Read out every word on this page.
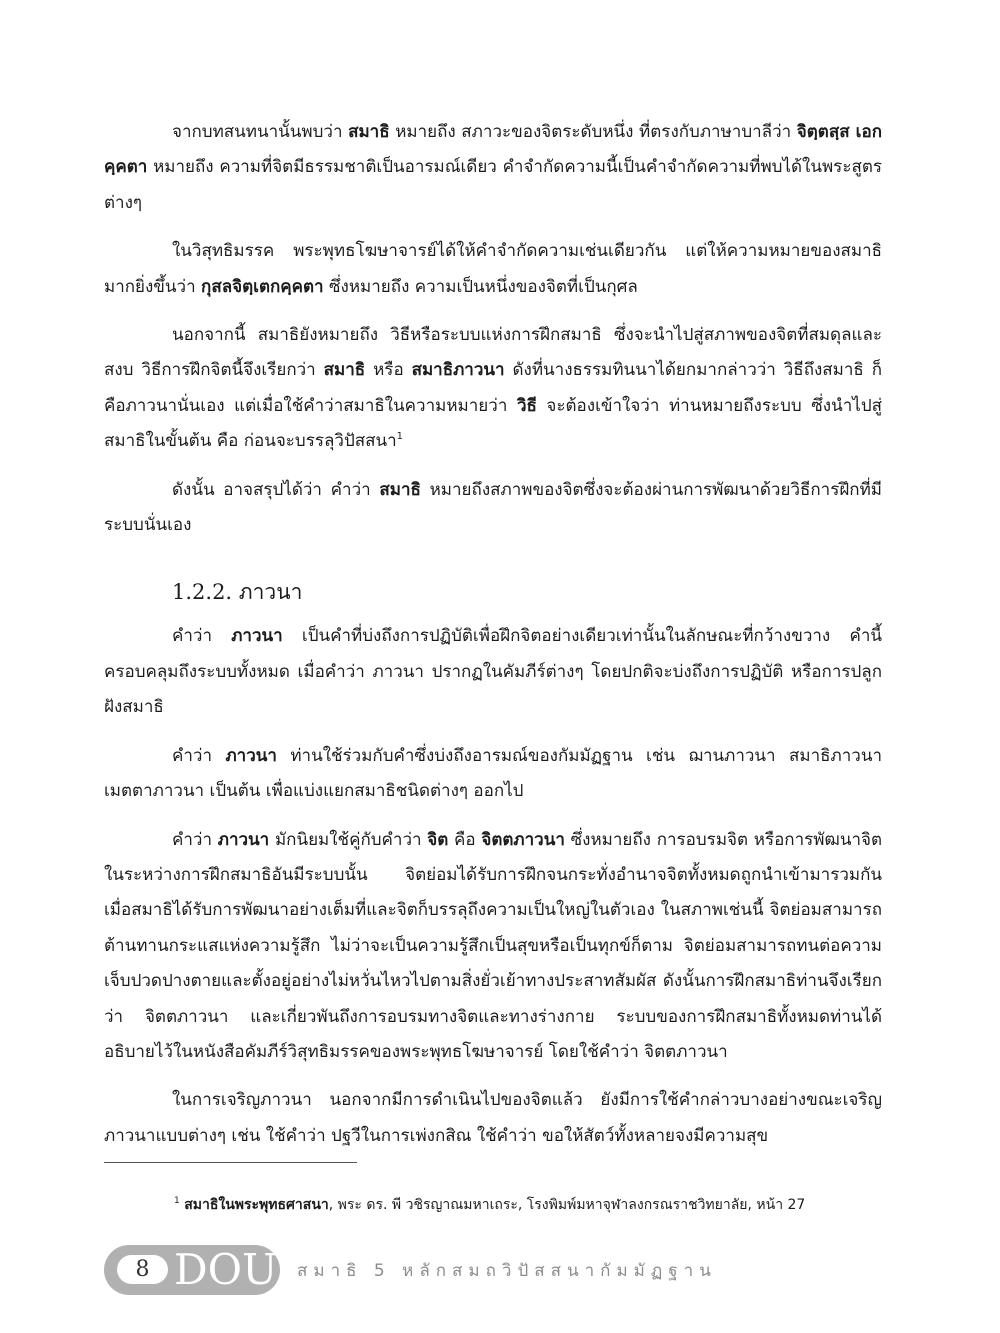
จากบทสนทนานั้นพบว่า สมาธิ หมายถึง สภาวะของจิตระดับหนึ่ง ที่ตรงกับภาษาบาลีว่า จิตฺตสฺส เอกคฺคตา หมายถึง ความที่จิตมีธรรมชาติเป็นอารมณ์เดียว คำจำกัดความนี้เป็นคำจำกัดความที่พบได้ในพระสูตรต่างๆ

ในวิสุทธิมรรค พระพุทธโฆษาจารย์ได้ให้คำจำกัดความเช่นเดียวกัน แต่ให้ความหมายของสมาธิมากยิ่งขึ้นว่า กุสลจิตฺเตกคฺคตา ซึ่งหมายถึง ความเป็นหนึ่งของจิตที่เป็นกุศล

นอกจากนี้ สมาธิยังหมายถึง วิธีหรือระบบแห่งการฝึกสมาธิ ซึ่งจะนำไปสู่สภาพของจิตที่สมดุลและสงบ วิธีการฝึกจิตนี้จึงเรียกว่า สมาธิ หรือ สมาธิภาวนา ดังที่นางธรรมทินนาได้ยกมากล่าวว่า วิธีถึงสมาธิ ก็คือภาวนานั่นเอง แต่เมื่อใช้คำว่าสมาธิในความหมายว่า วิธี จะต้องเข้าใจว่า ท่านหมายถึงระบบ ซึ่งนำไปสู่สมาธิในขั้นต้น คือ ก่อนจะบรรลุวิปัสสนา$^1$

ดังนั้น อาจสรุปได้ว่า คำว่า สมาธิ หมายถึงสภาพของจิตซึ่งจะต้องผ่านการพัฒนาด้วยวิธีการฝึกที่มีระบบนั่นเอง

1.2.2. ภาวนา

คำว่า ภาวนา เป็นคำที่บ่งถึงการปฏิบัติเพื่อฝึกจิตอย่างเดียวเท่านั้นในลักษณะที่กว้างขวาง คำนี้ครอบคลุมถึงระบบทั้งหมด เมื่อคำว่า ภาวนา ปรากฏในคัมภีร์ต่างๆ โดยปกติจะบ่งถึงการปฏิบัติ หรือการปลูกฝังสมาธิ

คำว่า ภาวนา ท่านใช้ร่วมกับคำซึ่งบ่งถึงอารมณ์ของกัมมัฏฐาน เช่น ฌานภาวนา สมาธิภาวนา เมตตาภาวนา เป็นต้น เพื่อแบ่งแยกสมาธิชนิดต่างๆ ออกไป

คำว่า ภาวนา มักนิยมใช้คู่กับคำว่า จิต คือ จิตตภาวนา ซึ่งหมายถึง การอบรมจิต หรือการพัฒนาจิต ในระหว่างการฝึกสมาธิอันมีระบบนั้น จิตย่อมได้รับการฝึกจนกระทั่งอำนาจจิตทั้งหมดถูกนำเข้ามารวมกัน เมื่อสมาธิได้รับการพัฒนาอย่างเต็มที่และจิตก็บรรลุถึงความเป็นใหญ่ในตัวเอง ในสภาพเช่นนี้ จิตย่อมสามารถต้านทานกระแสแห่งความรู้สึก ไม่ว่าจะเป็นความรู้สึกเป็นสุขหรือเป็นทุกข์ก็ตาม จิตย่อมสามารถทนต่อความเจ็บปวดปางตายและตั้งอยู่อย่างไม่หวั่นไหวไปตามสิ่งยั่วเย้าทางประสาทสัมผัส ดังนั้นการฝึกสมาธิท่านจึงเรียกว่า จิตตภาวนา และเกี่ยวพันถึงการอบรมทางจิตและทางร่างกาย ระบบของการฝึกสมาธิทั้งหมดท่านได้อธิบายไว้ในหนังสือคัมภีร์วิสุทธิมรรคของพระพุทธโฆษาจารย์ โดยใช้คำว่า จิตตภาวนา

ในการเจริญภาวนา นอกจากมีการดำเนินไปของจิตแล้ว ยังมีการใช้คำกล่าวบางอย่างขณะเจริญภาวนาแบบต่างๆ เช่น ใช้คำว่า ปฐวีในการเพ่งกสิณ ใช้คำว่า ขอให้สัตว์ทั้งหลายจงมีความสุข

$^1$ สมาธิในพระพุทธศาสนา, พระ ดร. พี วชิรญาณมหาเถระ, โรงพิมพ์มหาจุฬาลงกรณราชวิทยาลัย, หน้า 27
8 DOU สมาธิ 5 หลักสมถวิปัสสนากัมมัฏฐาน
